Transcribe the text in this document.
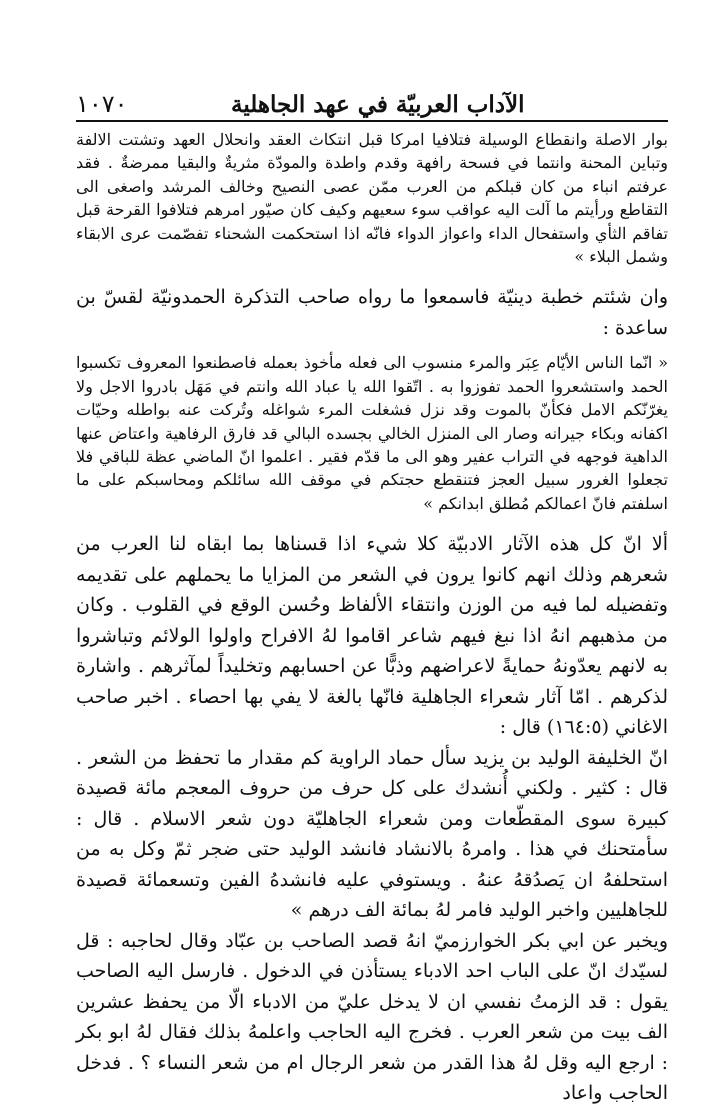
١٠٧٠	الآداب العربيّة في عهد الجاهلية

بوار الاصلة وانقطاع الوسيلة فتلافيا امركا قبل انتكاث العقد وانحلال العهد وتشتت الالفة وتباين المحنة وانتما في فسحة رافهة وقدم واطدة والمودّة مثريةٌ والبقيا ممرضةٌ . فقد عرفتم انباء من كان قبلكم من العرب ممّن عصى النصيح وخالف المرشد واصغى الى التقاطع ورأيتم ما آلت اليه عواقب سوء سعيهم وكيف كان صيّور امرهم فتلافوا القرحة قبل تفاقم الثأي واستفحال الداء واعواز الدواء فانّه اذا استحكمت الشحناء تفصّمت عرى الابقاء وشمل البلاء »

وان شئتم خطبة دينيّة فاسمعوا ما رواه صاحب التذكرة الحمدونيّة لقسّ بن ساعدة :

« انّما الناس الأيّام عِبَر والمرء منسوب الى فعله مأخوذ بعمله فاصطنعوا المعروف تكسبوا الحمد واستشعروا الحمد تفوزوا به . اتّقوا الله يا عباد الله وانتم في مَهَل بادروا الاجل ولا يغرّنّكم الامل فكأنّ بالموت وقد نزل فشغلت المرء شواغله وتُركت عنه بواطله وحيّات اكفانه وبكاء جيرانه وصار الى المنزل الخالي بجسده البالي قد فارق الرفاهية واعتاض عنها الداهية فوجهه في التراب عفير وهو الى ما قدّم فقير . اعلموا انّ الماضي عظة للباقي فلا تجعلوا الغرور سبيل العجز فتنقطع حجتكم في موقف الله سائلكم ومحاسبكم على ما اسلفتم فانّ اعمالكم مُطلق ابدانكم »

ألا انّ كل هذه الآثار الادبيّة كلا شيء اذا قسناها بما ابقاه لنا العرب من شعرهم وذلك انهم كانوا يرون في الشعر من المزايا ما يحملهم على تقديمه وتفضيله لما فيه من الوزن وانتقاء الألفاظ وحُسن الوقع في القلوب . وكان من مذهبهم انهُ اذا نبغ فيهم شاعر اقاموا لهُ الافراح واولوا الولائم وتباشروا به لانهم يعدّونهُ حمايةً لاعراضهم وذبًّا عن احسابهم وتخليداً لمآثرهم . واشارة لذكرهم . امّا آثار شعراء الجاهلية فانّها بالغة لا يفي بها احصاء . اخبر صاحب الاغاني (١٦٤:٥) قال :

انّ الخليفة الوليد بن يزيد سأل حماد الراوية كم مقدار ما تحفظ من الشعر . قال : كثير . ولكني أُنشدك على كل حرف من حروف المعجم مائة قصيدة كبيرة سوى المقطّعات ومن شعراء الجاهليّة دون شعر الاسلام . قال : سأمتحنك في هذا . وامرهُ بالانشاد فانشد الوليد حتى ضجر ثمّ وكل به من استحلفهُ ان يَصدُقهُ عنهُ . ويستوفي عليه فانشدهُ الفين وتسعمائة قصيدة للجاهليين واخبر الوليد فامر لهُ بمائة الف درهم »

ويخبر عن ابي بكر الخوارزميّ انهُ قصد الصاحب بن عبّاد وقال لحاجبه : قل لسيّدك انّ على الباب احد الادباء يستأذن في الدخول . فارسل اليه الصاحب يقول : قد الزمتُ نفسي ان لا يدخل عليّ من الادباء الّا من يحفظ عشرين الف بيت من شعر العرب . فخرج اليه الحاجب واعلمهُ بذلك فقال لهُ ابو بكر : ارجع اليه وقل لهُ هذا القدر من شعر الرجال ام من شعر النساء ؟ . فدخل الحاجب واعاد
